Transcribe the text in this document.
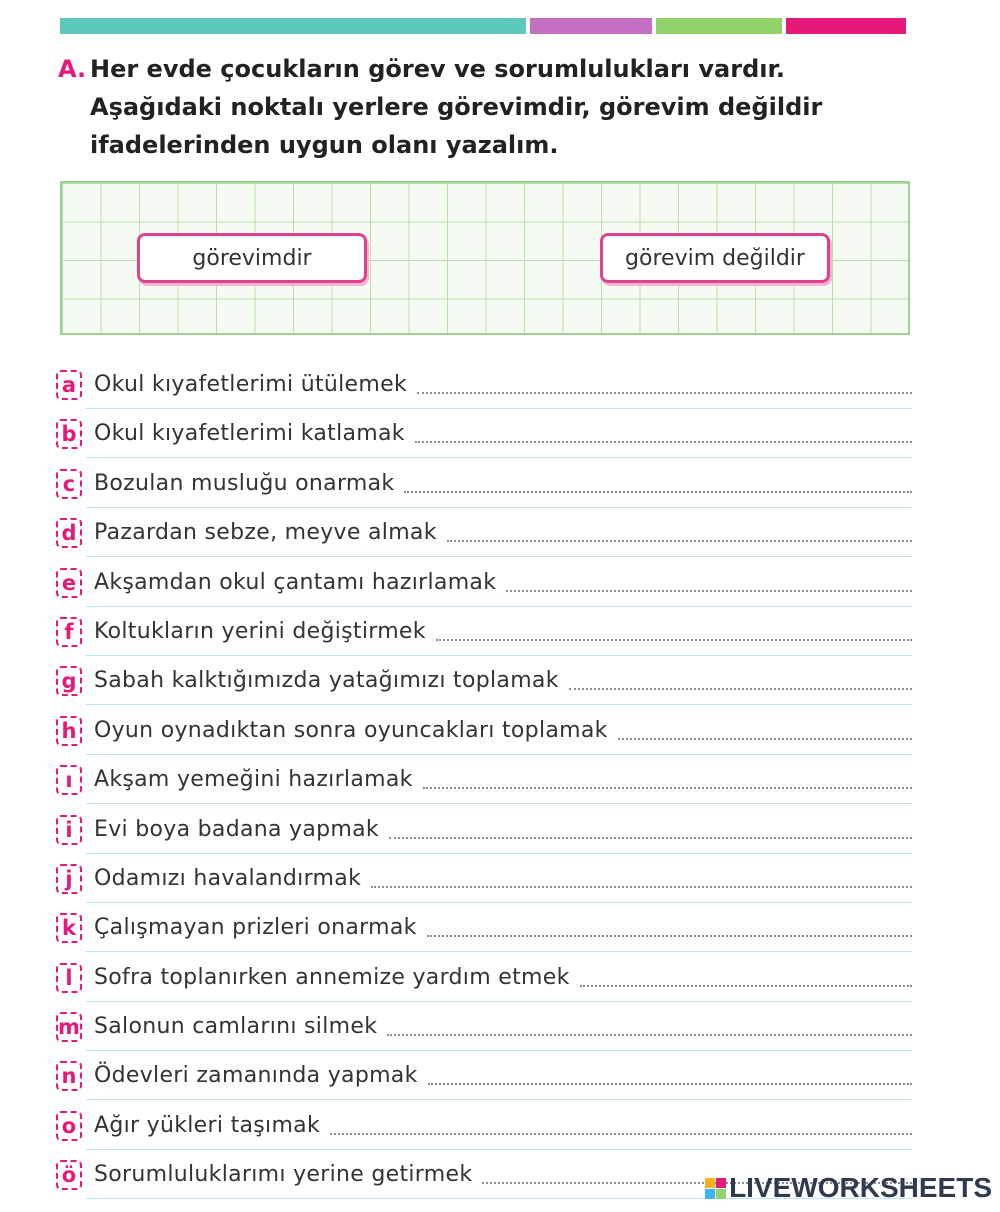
A. Her evde çocukların görev ve sorumlulukları vardır. Aşağıdaki noktalı yerlere görevimdir, görevim değildir ifadelerinden uygun olanı yazalım.
görevimdir	görevim değildir
a Okul kıyafetlerimi ütülemek
b Okul kıyafetlerimi katlamak
c Bozulan musluğu onarmak
d Pazardan sebze, meyve almak
e Akşamdan okul çantamı hazırlamak
f Koltukların yerini değiştirmek
g Sabah kalktığımızda yatağımızı toplamak
h Oyun oynadıktan sonra oyuncakları toplamak
ı Akşam yemeğini hazırlamak
i Evi boya badana yapmak
j Odamızı havalandırmak
k Çalışmayan prizleri onarmak
l Sofra toplanırken annemize yardım etmek
m Salonun camlarını silmek
n Ödevleri zamanında yapmak
o Ağır yükleri taşımak
ö Sorumluluklarımı yerine getirmek	LIVEWORKSHEETS
